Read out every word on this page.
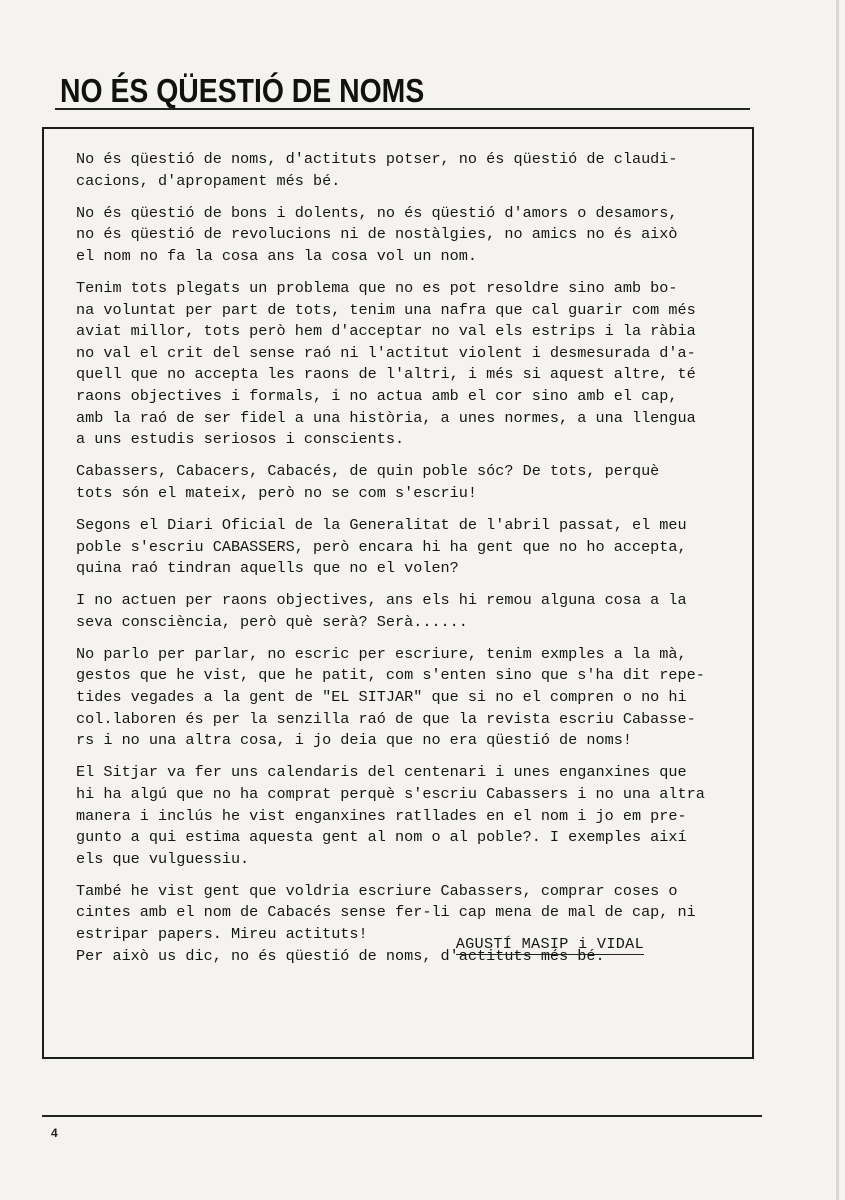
NO ÉS QÜESTIÓ DE NOMS

No és qüestió de noms, d'actituts potser, no és qüestió de claudi-
cacions, d'apropament més bé.

No és qüestió de bons i dolents, no és qüestió d'amors o desamors,
no és qüestió de revolucions ni de nostàlgies, no amics no és això
el nom no fa la cosa ans la cosa vol un nom.

Tenim tots plegats un problema que no es pot resoldre sino amb bo-
na voluntat per part de tots, tenim una nafra que cal guarir com més
aviat millor, tots però hem d'acceptar no val els estrips i la ràbia
no val el crit del sense raó ni l'actitut violent i desmesurada d'a-
quell que no accepta les raons de l'altri, i més si aquest altre, té
raons objectives i formals, i no actua amb el cor sino amb el cap,
amb la raó de ser fidel a una història, a unes normes, a una llengua
a uns estudis seriosos i conscients.

Cabassers, Cabacers, Cabacés, de quin poble sóc? De tots, perquè
tots són el mateix, però no se com s'escriu!

Segons el Diari Oficial de la Generalitat de l'abril passat, el meu
poble s'escriu CABASSERS, però encara hi ha gent que no ho accepta,
quina raó tindran aquells que no el volen?

I no actuen per raons objectives, ans els hi remou alguna cosa a la
seva consciència, però què serà? Serà......

No parlo per parlar, no escric per escriure, tenim exmples a la mà,
gestos que he vist, que he patit, com s'enten sino que s'ha dit repe-
tides vegades a la gent de "EL SITJAR" que si no el compren o no hi
col.laboren és per la senzilla raó de que la revista escriu Cabasse-
rs i no una altra cosa, i jo deia que no era qüestió de noms!

El Sitjar va fer uns calendaris del centenari i unes enganxines que
hi ha algú que no ha comprat perquè s'escriu Cabassers i no una altra
manera i inclús he vist enganxines ratllades en el nom i jo em pre-
gunto a qui estima aquesta gent al nom o al poble?. I exemples així
els que vulguessiu.

També he vist gent que voldria escriure Cabassers, comprar coses o
cintes amb el nom de Cabacés sense fer-li cap mena de mal de cap, ni
estripar papers. Mireu actituts!

Per això us dic, no és qüestió de noms, d'actituts més bé.

AGUSTÍ MASIP i VIDAL
4
